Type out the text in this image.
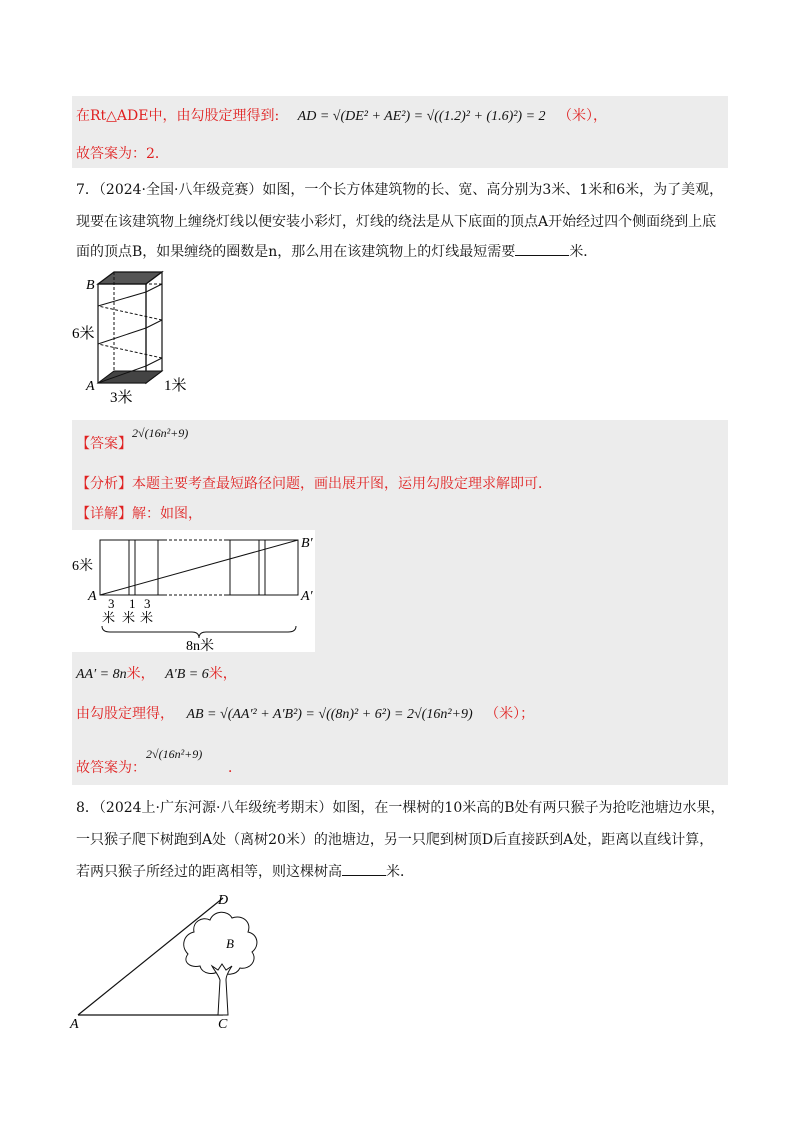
在Rt△ADE中，由勾股定理得到: AD = √(DE² + AE²) = √((1.2)² + (1.6)²) = 2 （米），
故答案为：2．
7．（2024·全国·八年级竞赛）如图，一个长方体建筑物的长、宽、高分别为3米、1米和6米，为了美观，
现要在该建筑物上缠绕灯线以便安装小彩灯，灯线的绕法是从下底面的顶点A开始经过四个侧面绕到上底
面的顶点B，如果缠绕的圈数是n，那么用在该建筑物上的灯线最短需要	米．
B
A
6米
3米
1米
【答案】
2√(16n²+9)
【分析】本题主要考查最短路径问题，画出展开图，运用勾股定理求解即可．
【详解】解：如图，
B′
A	A′
6米
3 1 3
米 米 米
8n米
AA′ = 8n米， A′B = 6米，
由勾股定理得， AB = √(AA′² + A′B²) = √((8n)² + 6²) = 2√(16n²+9) （米）；
故答案为：
2√(16n²+9)
．
8．（2024上·广东河源·八年级统考期末）如图，在一棵树的10米高的B处有两只猴子为抢吃池塘边水果，
一只猴子爬下树跑到A处（离树20米）的池塘边，另一只爬到树顶D后直接跃到A处，距离以直线计算，
若两只猴子所经过的距离相等，则这棵树高	米．
D
B
A	C
